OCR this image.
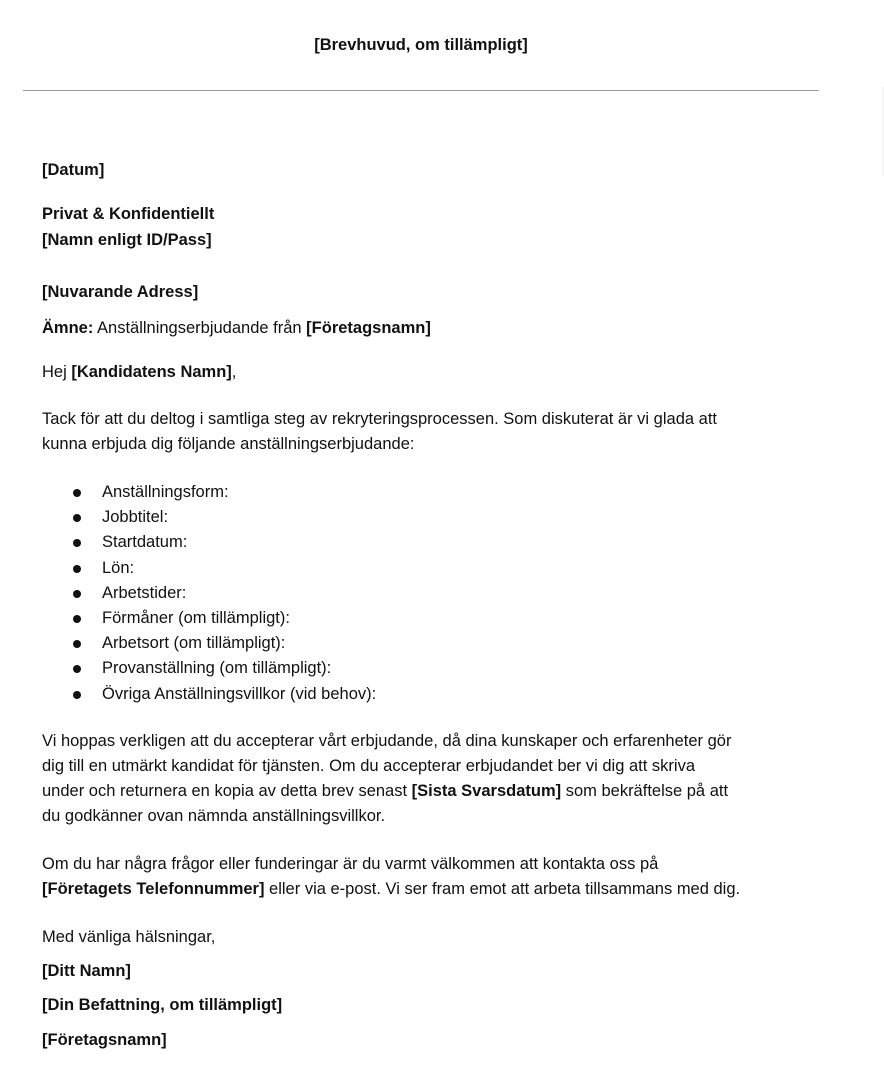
[Brevhuvud, om tillämpligt]
[Datum]
Privat & Konfidentiellt
[Namn enligt ID/Pass]
[Nuvarande Adress]
Ämne: Anställningserbjudande från [Företagsnamn]
Hej [Kandidatens Namn],
Tack för att du deltog i samtliga steg av rekryteringsprocessen. Som diskuterat är vi glada att
kunna erbjuda dig följande anställningserbjudande:
Anställningsform:
Jobbtitel:
Startdatum:
Lön:
Arbetstider:
Förmåner (om tillämpligt):
Arbetsort (om tillämpligt):
Provanställning (om tillämpligt):
Övriga Anställningsvillkor (vid behov):
Vi hoppas verkligen att du accepterar vårt erbjudande, då dina kunskaper och erfarenheter gör
dig till en utmärkt kandidat för tjänsten. Om du accepterar erbjudandet ber vi dig att skriva
under och returnera en kopia av detta brev senast [Sista Svarsdatum] som bekräftelse på att
du godkänner ovan nämnda anställningsvillkor.
Om du har några frågor eller funderingar är du varmt välkommen att kontakta oss på
[Företagets Telefonnummer] eller via e-post. Vi ser fram emot att arbeta tillsammans med dig.
Med vänliga hälsningar,
[Ditt Namn]
[Din Befattning, om tillämpligt]
[Företagsnamn]
